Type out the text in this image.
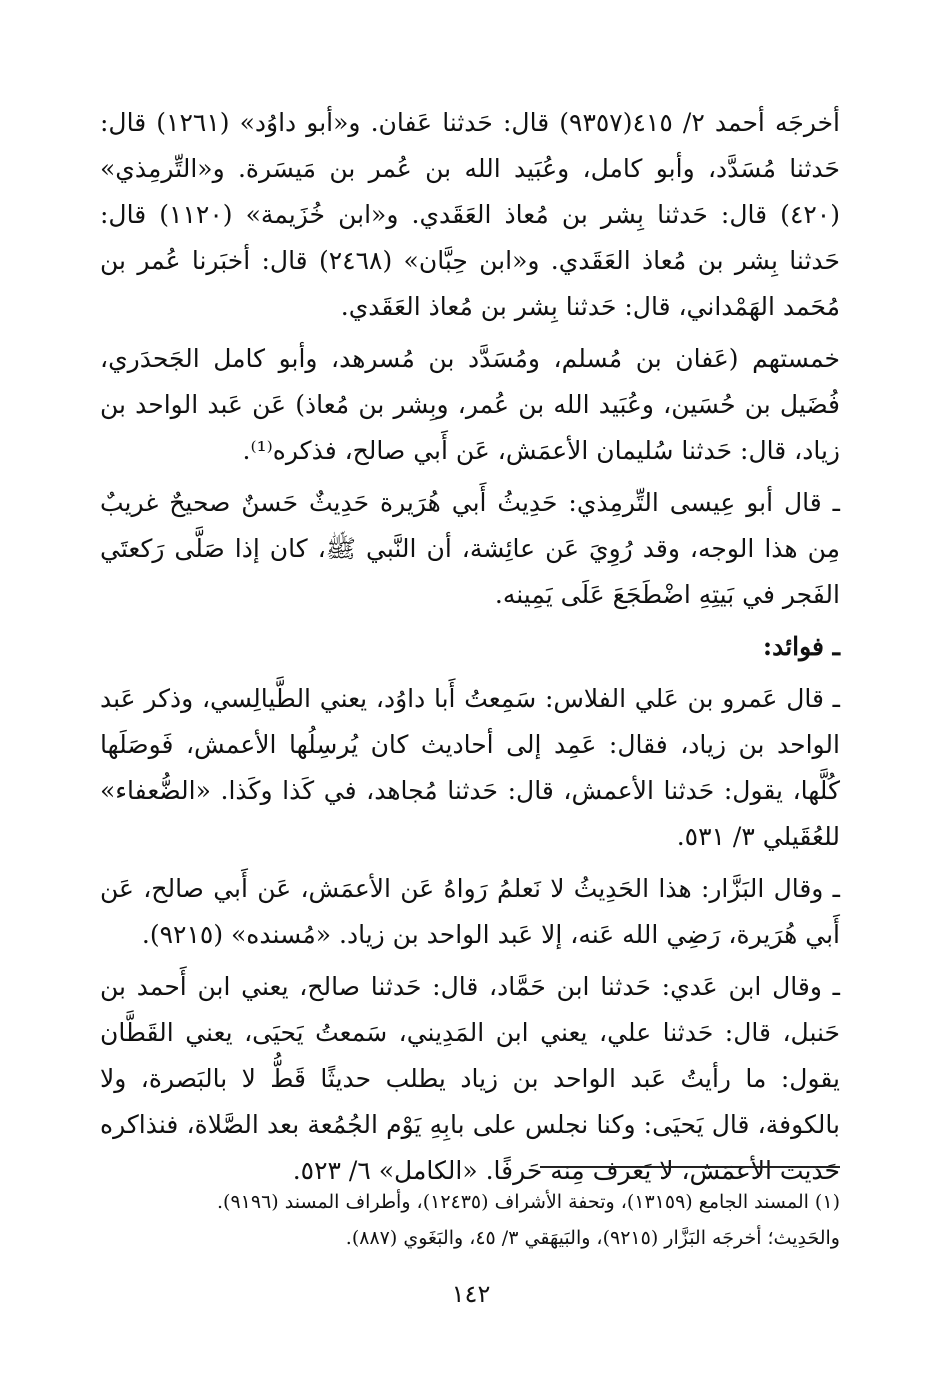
أخرجَه أحمد ٢/ ٤١٥(٩٣٥٧) قال: حَدثنا عَفان. و«أبو داوُد» (١٢٦١) قال: حَدثنا مُسَدَّد، وأبو كامل، وعُبَيد الله بن عُمر بن مَيسَرة. و«التِّرمِذي» (٤٢٠) قال: حَدثنا بِشر بن مُعاذ العَقَدي. و«ابن خُزَيمة» (١١٢٠) قال: حَدثنا بِشر بن مُعاذ العَقَدي. و«ابن حِبَّان» (٢٤٦٨) قال: أخبَرنا عُمر بن مُحَمد الهَمْداني، قال: حَدثنا بِشر بن مُعاذ العَقَدي.

خمستهم (عَفان بن مُسلم، ومُسَدَّد بن مُسرهد، وأبو كامل الجَحدَري، فُضَيل بن حُسَين، وعُبَيد الله بن عُمر، وبِشر بن مُعاذ) عَن عَبد الواحد بن زياد، قال: حَدثنا سُليمان الأعمَش، عَن أَبي صالح، فذكره⁽¹⁾.

ـ قال أبو عِيسى التِّرمِذي: حَدِيثُ أَبي هُرَيرة حَدِيثٌ حَسنٌ صحيحٌ غريبٌ مِن هذا الوجه، وقد رُوِيَ عَن عائِشة، أن النَّبي ﷺ، كان إذا صَلَّى رَكعتَي الفَجر في بَيتِهِ اضْطَجَعَ عَلَى يَمِينه.

ـ فوائد:

ـ قال عَمرو بن عَلي الفلاس: سَمِعتُ أَبا داوُد، يعني الطَّيالِسي، وذكر عَبد الواحد بن زياد، فقال: عَمِد إلى أحاديث كان يُرسِلُها الأعمش، فَوصَلَها كُلَّها، يقول: حَدثنا الأعمش، قال: حَدثنا مُجاهد، في كَذا وكَذا. «الضُّعفاء» للعُقَيلي ٣/ ٥٣١.

ـ وقال البَزَّار: هذا الحَدِيثُ لا نَعلمُ رَواهُ عَن الأعمَش، عَن أَبي صالح، عَن أَبي هُرَيرة، رَضِي الله عَنه، إلا عَبد الواحد بن زياد. «مُسنده» (٩٢١٥).

ـ وقال ابن عَدي: حَدثنا ابن حَمَّاد، قال: حَدثنا صالح، يعني ابن أَحمد بن حَنبل، قال: حَدثنا علي، يعني ابن المَدِيني، سَمعتُ يَحيَى، يعني القَطَّان يقول: ما رأيتُ عَبد الواحد بن زياد يطلب حديثًا قَطُّ لا بالبَصرة، ولا بالكوفة، قال يَحيَى: وكنا نجلس على بابِهِ يَوْم الجُمُعة بعد الصَّلاة، فنذاكره حَديث الأعمَش، لا يَعرف مِنه حَرفًا. «الكامل» ٦/ ٥٢٣.

(١) المسند الجامع (١٣١٥٩)، وتحفة الأشراف (١٢٤٣٥)، وأطراف المسند (٩١٩٦).

والحَدِيث؛ أخرجَه البَزَّار (٩٢١٥)، والبَيهَقي ٣/ ٤٥، والبَغَوي (٨٨٧).

١٤٢
